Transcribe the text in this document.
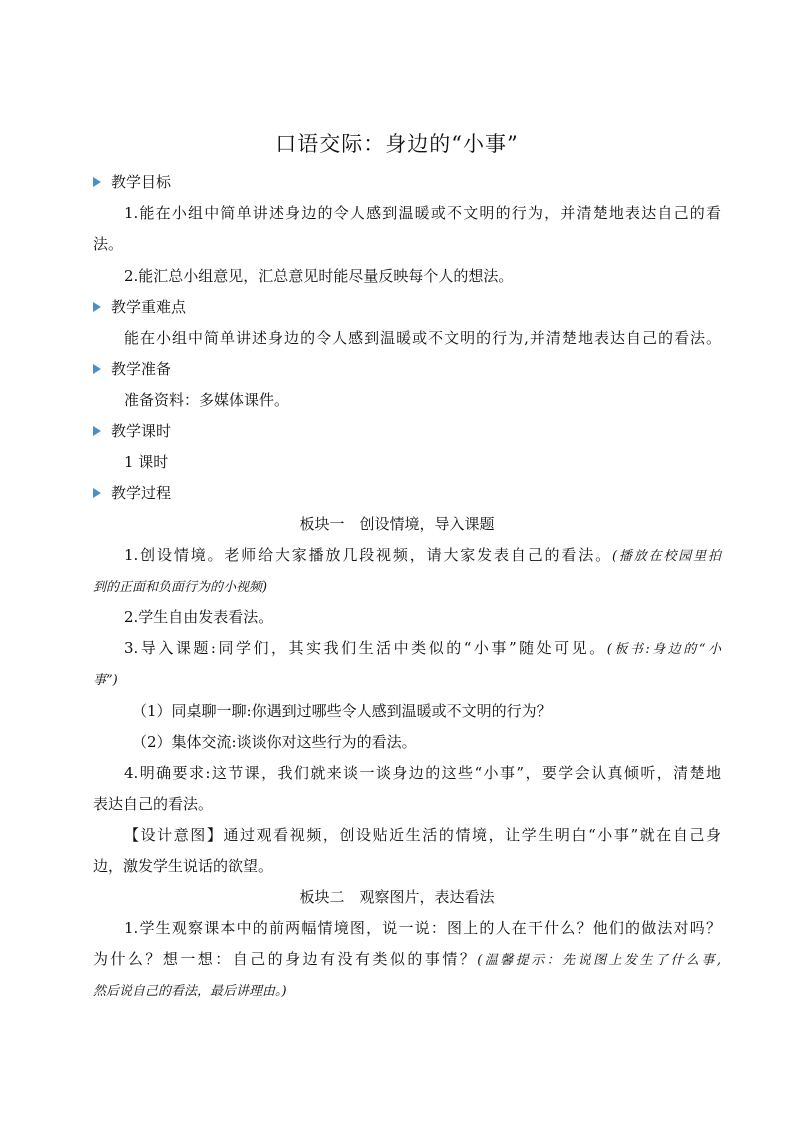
口语交际：身边的“小事”
教学目标
1.能在小组中简单讲述身边的令人感到温暖或不文明的行为，并清楚地表达自己的看
法。
2.能汇总小组意见，汇总意见时能尽量反映每个人的想法。
教学重难点
能在小组中简单讲述身边的令人感到温暖或不文明的行为,并清楚地表达自己的看法。
教学准备
准备资料：多媒体课件。
教学课时
1 课时
教学过程
板块一　创设情境，导入课题
1.创设情境。老师给大家播放几段视频，请大家发表自己的看法。(播放在校园里拍
到的正面和负面行为的小视频)
2.学生自由发表看法。
3.导入课题:同学们，其实我们生活中类似的“小事”随处可见。(板书:身边的“小
事”)
（1）同桌聊一聊:你遇到过哪些令人感到温暖或不文明的行为？
（2）集体交流:谈谈你对这些行为的看法。
4.明确要求:这节课，我们就来谈一谈身边的这些“小事”，要学会认真倾听，清楚地
表达自己的看法。
【设计意图】通过观看视频，创设贴近生活的情境，让学生明白“小事”就在自己身
边，激发学生说话的欲望。
板块二　观察图片，表达看法
1.学生观察课本中的前两幅情境图，说一说：图上的人在干什么？他们的做法对吗？
为什么？想一想：自己的身边有没有类似的事情？(温馨提示：先说图上发生了什么事,
然后说自己的看法，最后讲理由。)
